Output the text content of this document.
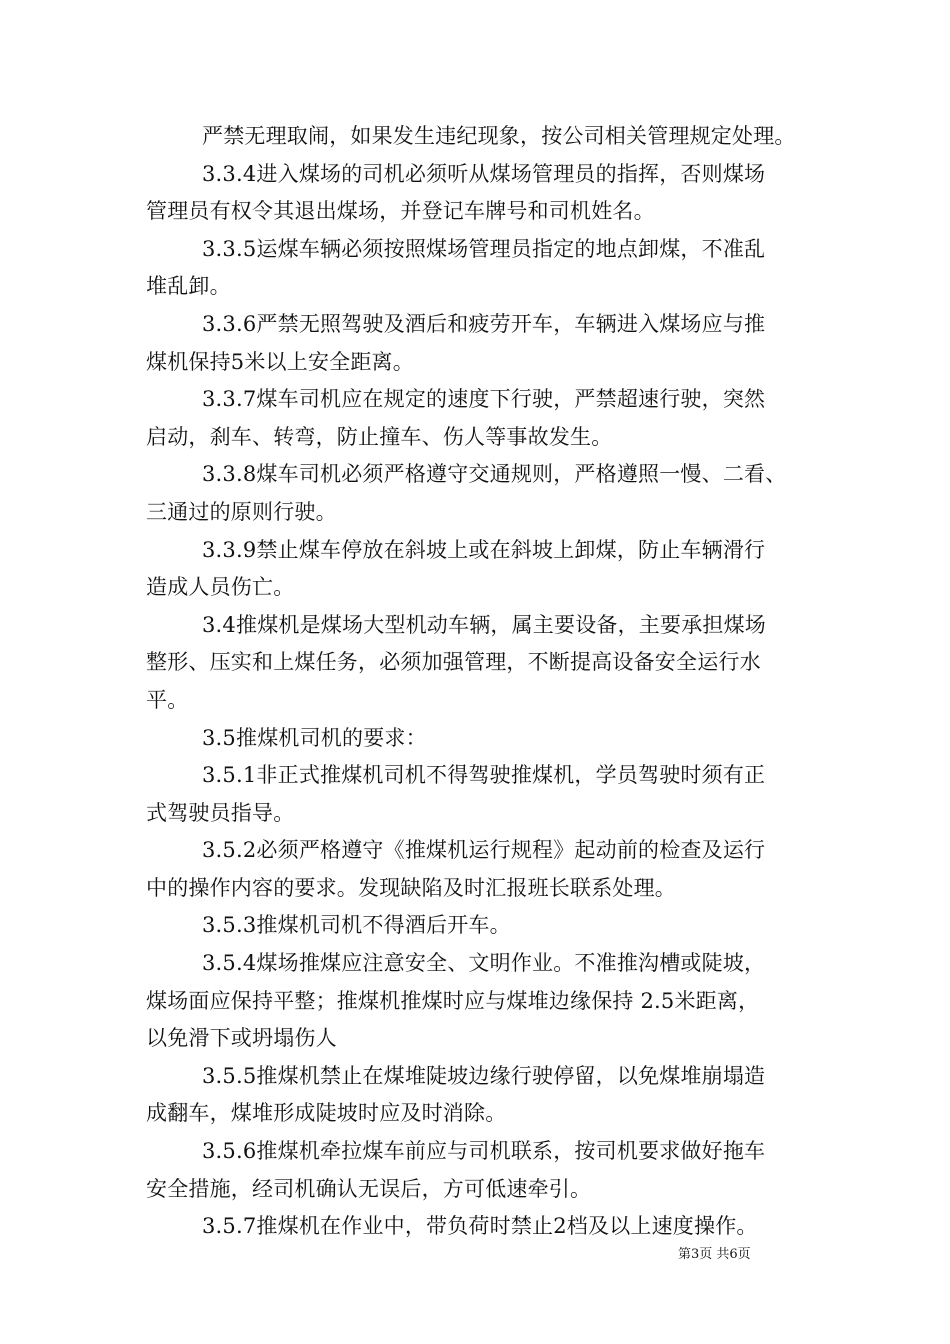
严禁无理取闹，如果发生违纪现象，按公司相关管理规定处理。
3.3.4进入煤场的司机必须听从煤场管理员的指挥，否则煤场
管理员有权令其退出煤场，并登记车牌号和司机姓名。
3.3.5运煤车辆必须按照煤场管理员指定的地点卸煤，不准乱
堆乱卸。
3.3.6严禁无照驾驶及酒后和疲劳开车，车辆进入煤场应与推
煤机保持5米以上安全距离。
3.3.7煤车司机应在规定的速度下行驶，严禁超速行驶，突然
启动，刹车、转弯，防止撞车、伤人等事故发生。
3.3.8煤车司机必须严格遵守交通规则，严格遵照一慢、二看、
三通过的原则行驶。
3.3.9禁止煤车停放在斜坡上或在斜坡上卸煤，防止车辆滑行
造成人员伤亡。
3.4推煤机是煤场大型机动车辆，属主要设备，主要承担煤场
整形、压实和上煤任务，必须加强管理，不断提高设备安全运行水
平。
3.5推煤机司机的要求：
3.5.1非正式推煤机司机不得驾驶推煤机，学员驾驶时须有正
式驾驶员指导。
3.5.2必须严格遵守《推煤机运行规程》起动前的检查及运行
中的操作内容的要求。发现缺陷及时汇报班长联系处理。
3.5.3推煤机司机不得酒后开车。
3.5.4煤场推煤应注意安全、文明作业。不准推沟槽或陡坡，
煤场面应保持平整；推煤机推煤时应与煤堆边缘保持 2.5米距离，
以免滑下或坍塌伤人
3.5.5推煤机禁止在煤堆陡坡边缘行驶停留，以免煤堆崩塌造
成翻车，煤堆形成陡坡时应及时消除。
3.5.6推煤机牵拉煤车前应与司机联系，按司机要求做好拖车
安全措施，经司机确认无误后，方可低速牵引。
3.5.7推煤机在作业中，带负荷时禁止2档及以上速度操作。
第3页 共6页
